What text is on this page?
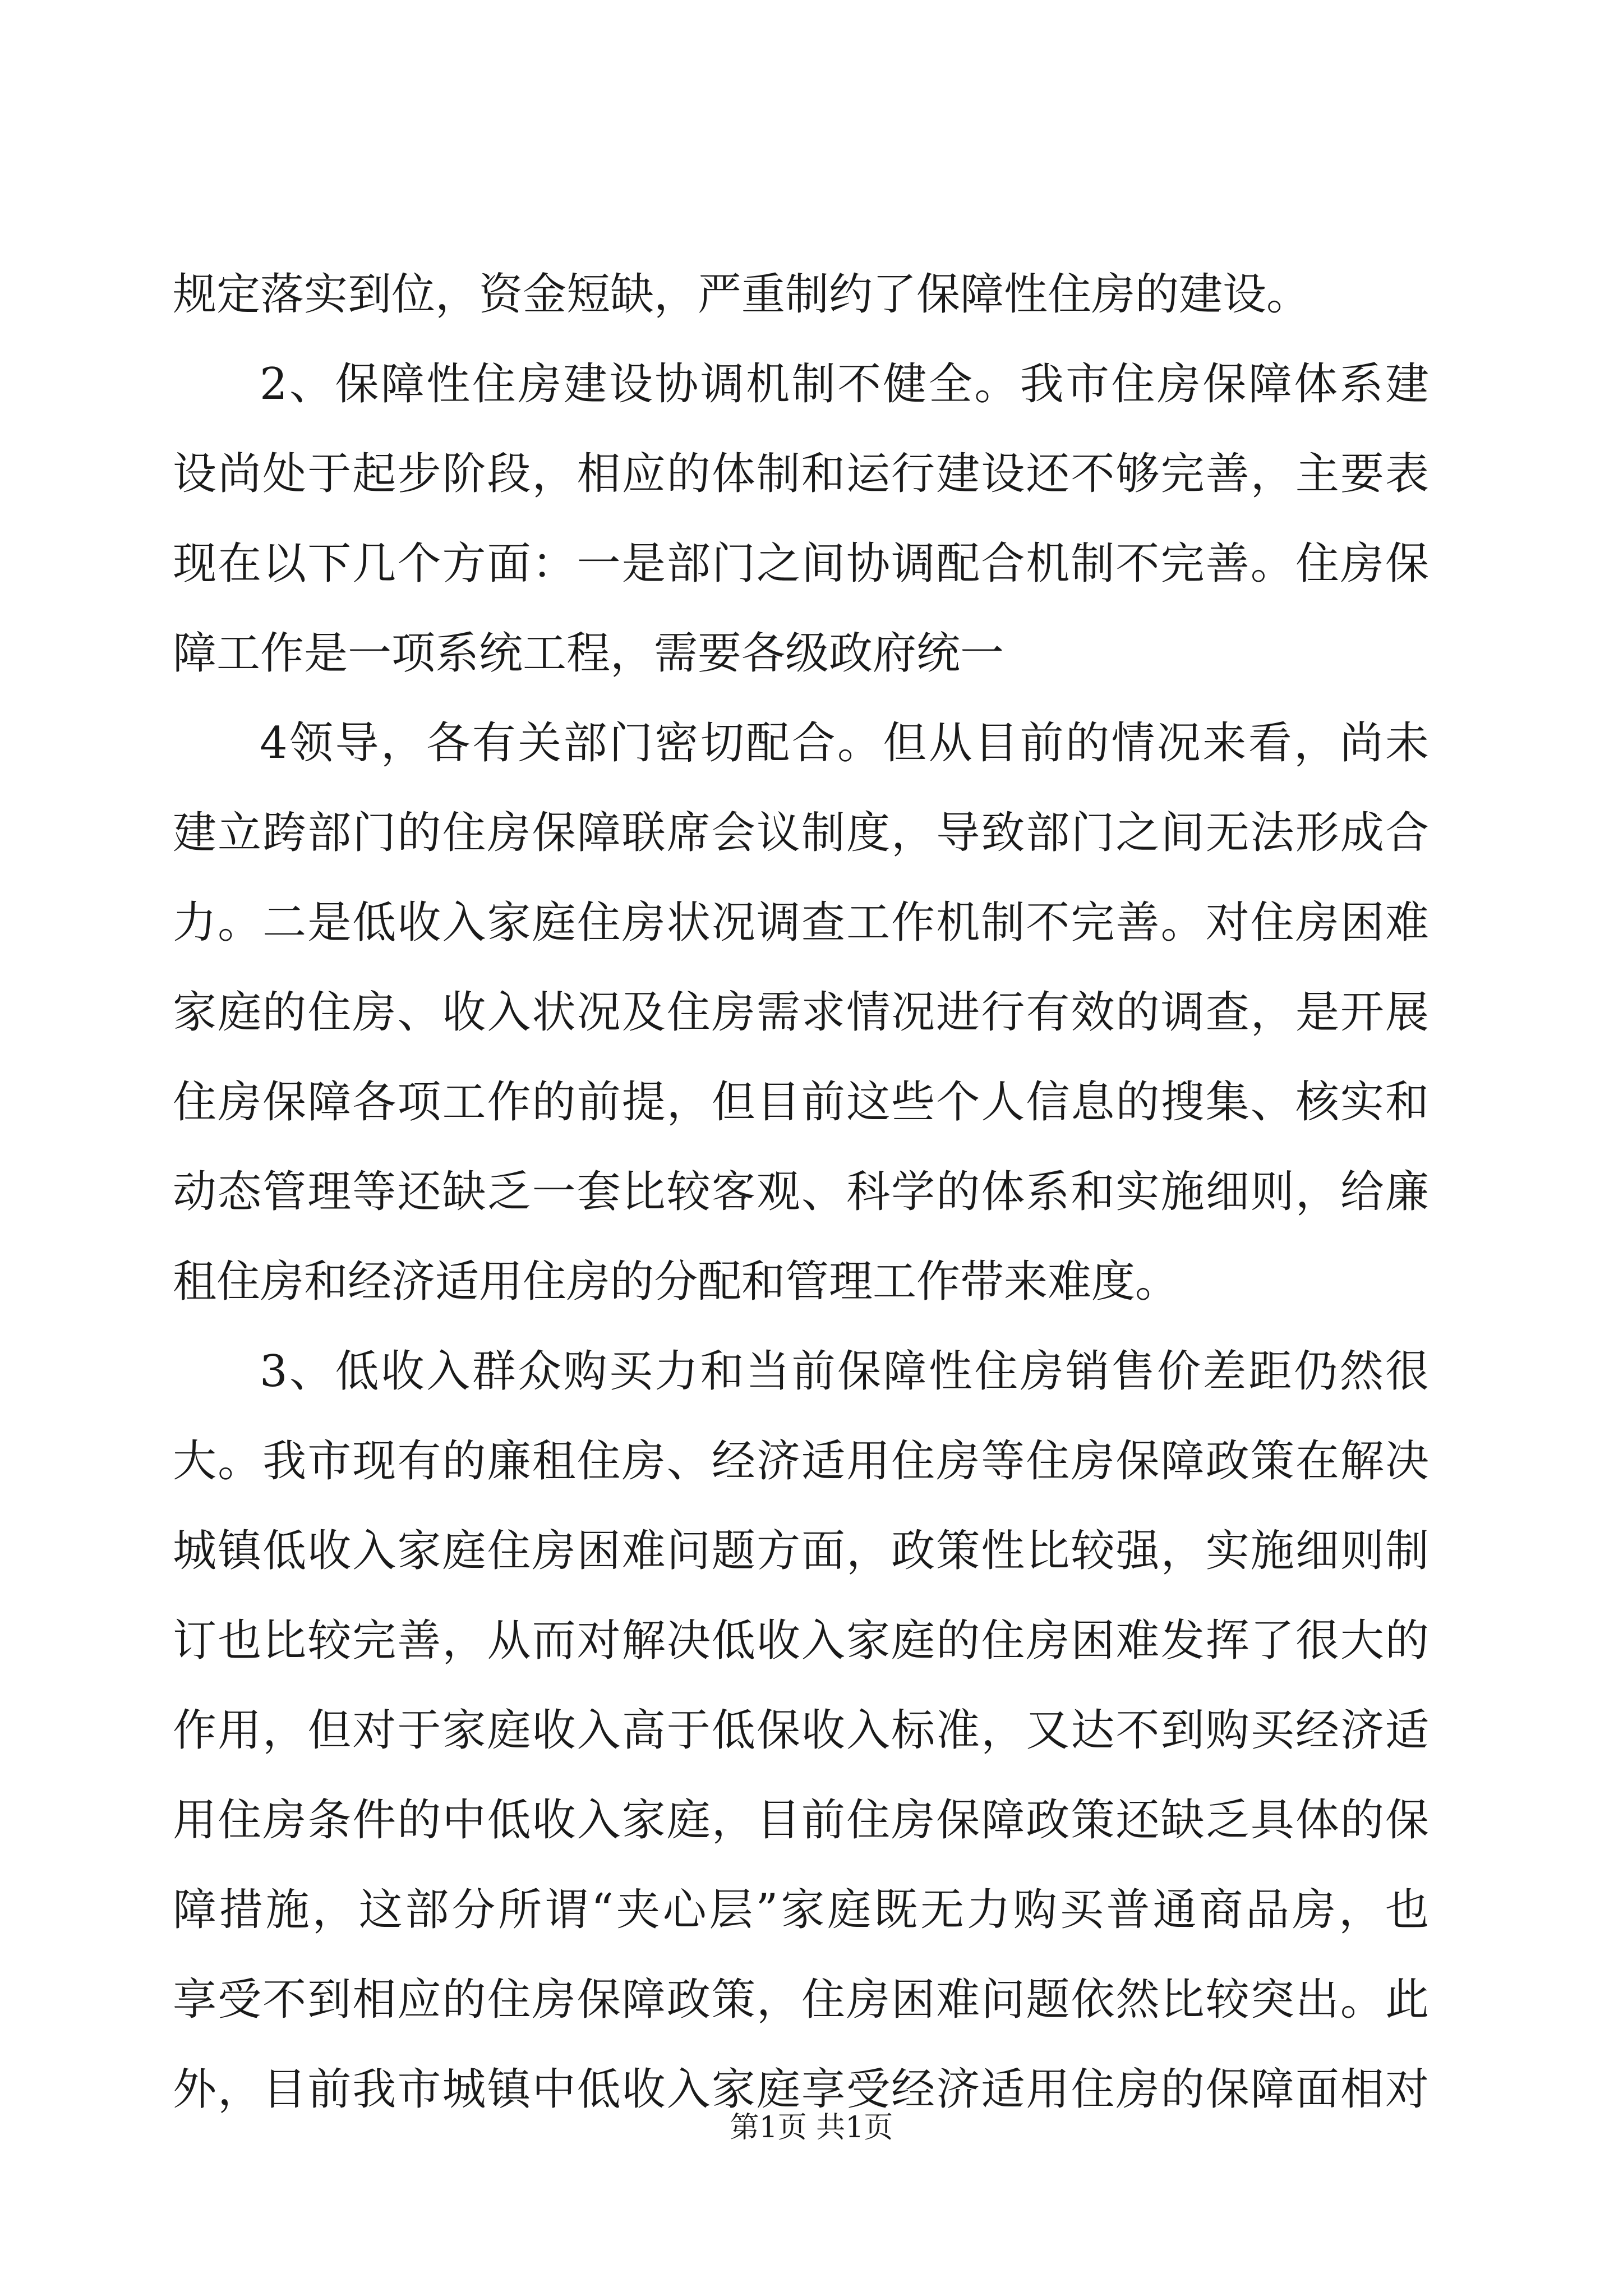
规定落实到位，资金短缺，严重制约了保障性住房的建设。
2、保障性住房建设协调机制不健全。我市住房保障体系建
设尚处于起步阶段，相应的体制和运行建设还不够完善，主要表
现在以下几个方面：一是部门之间协调配合机制不完善。住房保
障工作是一项系统工程，需要各级政府统一
4领导，各有关部门密切配合。但从目前的情况来看，尚未
建立跨部门的住房保障联席会议制度，导致部门之间无法形成合
力。二是低收入家庭住房状况调查工作机制不完善。对住房困难
家庭的住房、收入状况及住房需求情况进行有效的调查，是开展
住房保障各项工作的前提，但目前这些个人信息的搜集、核实和
动态管理等还缺乏一套比较客观、科学的体系和实施细则，给廉
租住房和经济适用住房的分配和管理工作带来难度。
3、低收入群众购买力和当前保障性住房销售价差距仍然很
大。我市现有的廉租住房、经济适用住房等住房保障政策在解决
城镇低收入家庭住房困难问题方面，政策性比较强，实施细则制
订也比较完善，从而对解决低收入家庭的住房困难发挥了很大的
作用，但对于家庭收入高于低保收入标准，又达不到购买经济适
用住房条件的中低收入家庭，目前住房保障政策还缺乏具体的保
障措施，这部分所谓“夹心层”家庭既无力购买普通商品房，也
享受不到相应的住房保障政策，住房困难问题依然比较突出。此
外，目前我市城镇中低收入家庭享受经济适用住房的保障面相对
第1页 共1页
